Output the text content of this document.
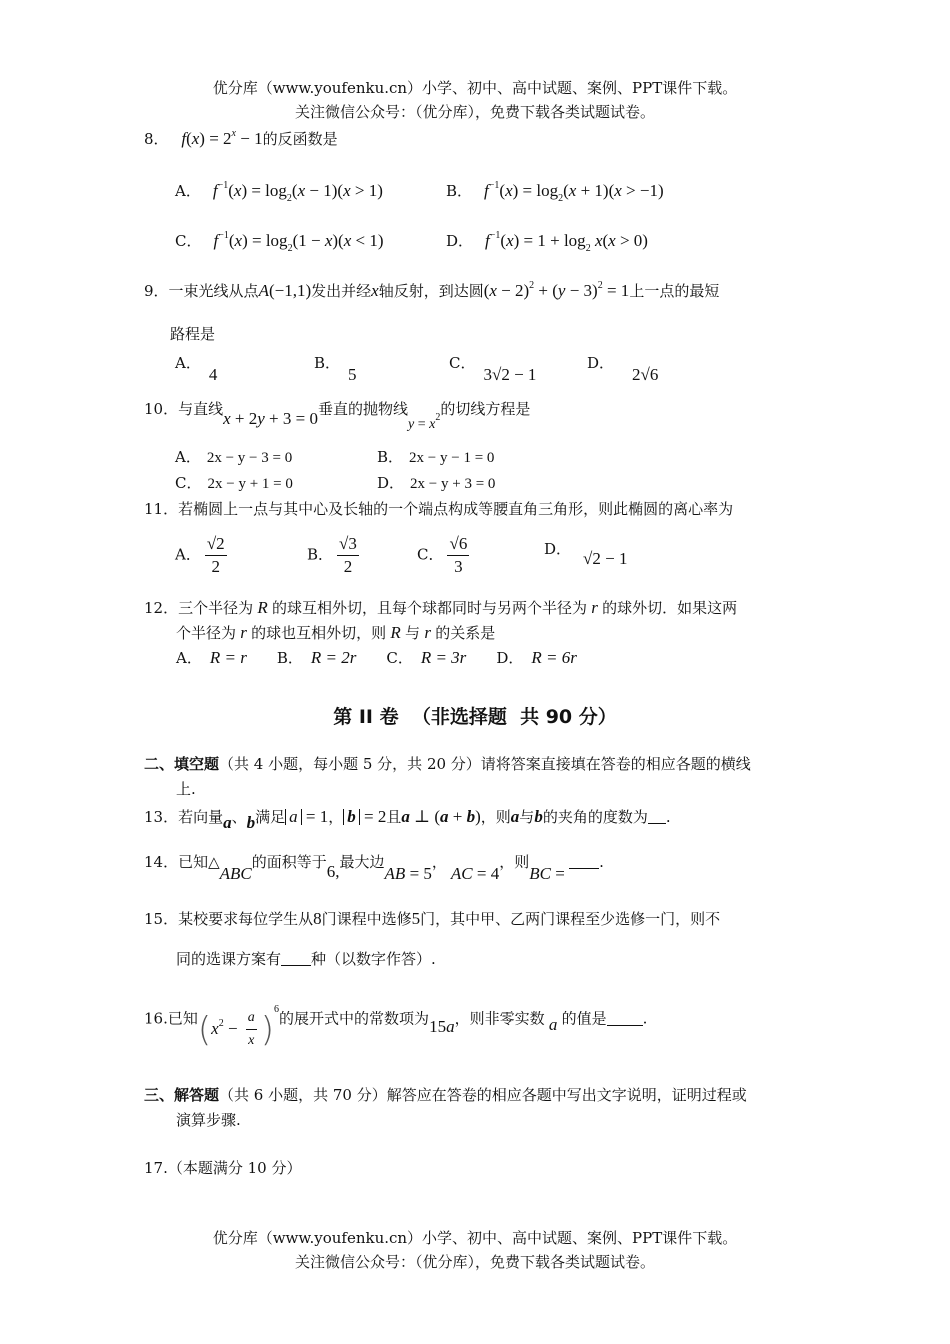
优分库（www.youfenku.cn）小学、初中、高中试题、案例、PPT课件下载。
关注微信公众号：（优分库），免费下载各类试题试卷。
8． $f(x) = 2^x - 1$的反函数是
A． $f^{-1}(x) = \log_2(x - 1)(x > 1)$	B． $f^{-1}(x) = \log_2(x + 1)(x > -1)$
C． $f^{-1}(x) = \log_2(1 - x)(x < 1)$	D． $f^{-1}(x) = 1 + \log_2 x(x > 0)$
9．一束光线从点A(−1,1)发出并经x轴反射，到达圆$(x - 2)^2 + (y - 3)^2 = 1$上一点的最短
路程是
A．4
B．5
C．3√2 − 1
D．2√6
10．与直线x + 2y + 3 = 0垂直的抛物线$y = x^2$的切线方程是
A． 2x − y − 3 = 0	B． 2x − y − 1 = 0
C． 2x − y + 1 = 0	D． 2x − y + 3 = 0
11．若椭圆上一点与其中心及长轴的一个端点构成等腰直角三角形，则此椭圆的离心率为
A． $\frac{√2}{2}$	B． $\frac{√3}{2}$	C． $\frac{√6}{3}$	D． √2 − 1
12．三个半径为 R 的球互相外切，且每个球都同时与另两个半径为 r 的球外切．如果这两
个半径为 r 的球也互相外切，则 R 与 r 的关系是
A． R = r B． R = 2r C． R = 3r D． R = 6r
第 II 卷  （非选择题  共 90 分）
二、填空题（共 4 小题，每小题 5 分，共 20 分）请将答案直接填在答卷的相应各题的横线
上.
13．若向量a、b满足 a = 1， b = 2且a ⊥ (a + b)，则a与b的夹角的度数为 .
14．已知△ABC的面积等于6,最大边AB = 5，AC = 4，则BC = .
15．某校要求每位学生从8门课程中选修5门，其中甲、乙两门课程至少选修一门，则不
同的选课方案有 种（以数字作答）.
16.已知$(x^2 - \frac{a}{x} )^6$的展开式中的常数项为15a，则非零实数 a 的值是 .
三、解答题（共 6 小题，共 70 分）解答应在答卷的相应各题中写出文字说明，证明过程或
演算步骤.
17.（本题满分 10 分）
优分库（www.youfenku.cn）小学、初中、高中试题、案例、PPT课件下载。
关注微信公众号：（优分库），免费下载各类试题试卷。
